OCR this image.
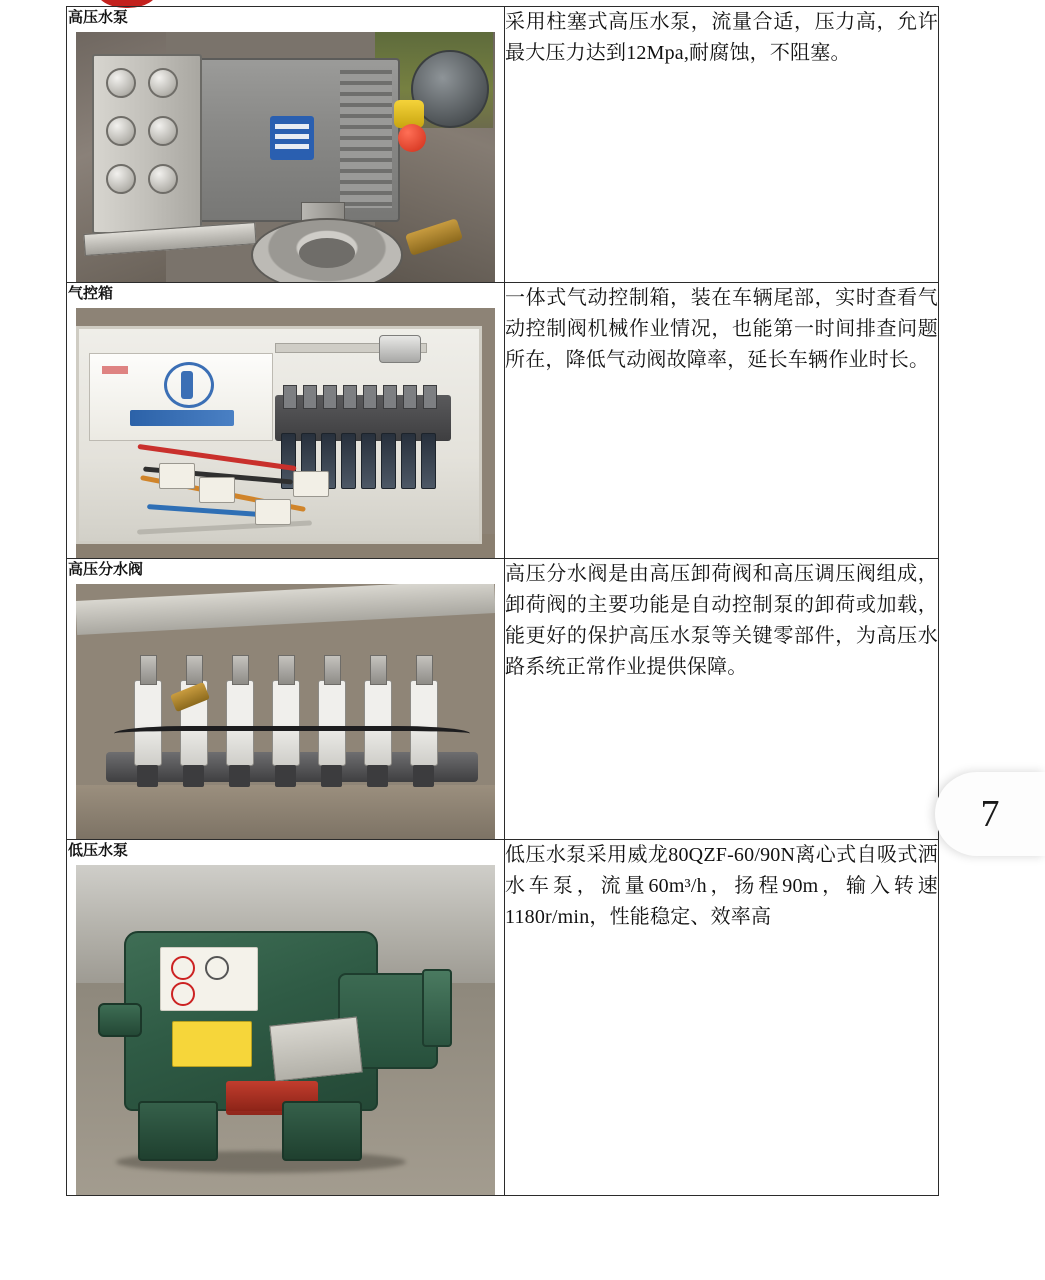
高压水泵	采用柱塞式高压水泵，流量合适，压力高，允许最大压力达到12Mpa,耐腐蚀，不阻塞。

气控箱	一体式气动控制箱，装在车辆尾部，实时查看气动控制阀机械作业情况，也能第一时间排查问题所在，降低气动阀故障率，延长车辆作业时长。

高压分水阀	高压分水阀是由高压卸荷阀和高压调压阀组成，卸荷阀的主要功能是自动控制泵的卸荷或加载，能更好的保护高压水泵等关键零部件，为高压水路系统正常作业提供保障。

低压水泵	低压水泵采用威龙80QZF-60/90N离心式自吸式洒水车泵，流量60m³/h，扬程90m，输入转速1180r/min，性能稳定、效率高
7
